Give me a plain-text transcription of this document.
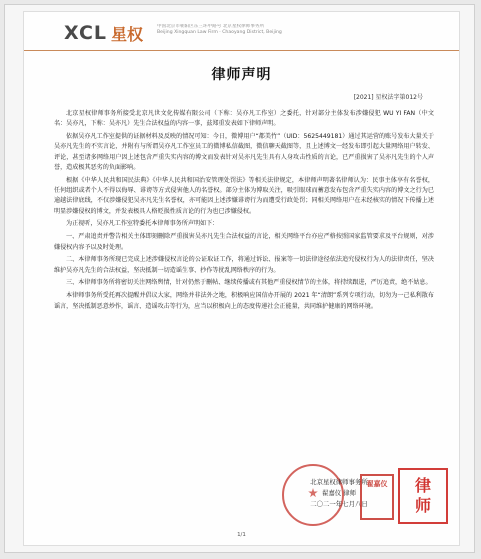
XCL 星权	中国北京市朝阳区东三环中路号 北京星权律师事务所
Beijing Xingquan Law Firm · Chaoyang District, Beijing
律师声明
[2021] 星权法字第012号

北京星权律师事务所接受北京凡世文化传媒有限公司（下称：吴亦凡工作室）之委托，针对部分主体发布涉嫌侵犯 WU YI FAN（中文名：吴亦凡，下称：吴亦凡）先生合法权益的内容一事，兹郑重发表如下律师声明。

依据吴亦凡工作室提供的证据材料及反映的情况可知：今日，微博用户“都美竹”（UID：5625449181）通过其运营的账号发布大量关于吴亦凡先生的不实言论，并附有与所谓吴亦凡工作室员工的微博私信截图，微信聊天截图等，且上述博文一经发布即引起大量网络用户转发、评论，甚至诸多网络用户因上述包含严重失实内容的博文而发表针对吴亦凡先生具有人身攻击性质的言论，已严重损害了吴亦凡先生的个人声誉，造成极其恶劣的负面影响。

根据《中华人民共和国民法典》《中华人民共和国治安管理处罚法》等相关法律规定，本律师声明著名律师认为：民事主体享有名誉权，任何组织或者个人不得以侮辱、诽谤等方式侵害他人的名誉权。部分主体为博取关注，吸引眼球而蓄意发布包含严重失实内容的博文之行为已逾越法律底线，不仅涉嫌侵犯吴亦凡先生名誉权，亦可能因上述涉嫌诽谤行为而遭受行政处罚；同相关网络用户在未经核实的情况下传播上述明显涉嫌侵权的博文，并发表极具人格贬损性质言论的行为也已涉嫌侵权。

为正视听，吴亦凡工作室特委托本律师事务所声明如下：

一、严肃追责并警告相关主体即刻删除严重损害吴亦凡先生合法权益的言论，相关网络平台亦应严格按照国家监管要求及平台规则，对涉嫌侵权内容予以及时处理。

二、本律师事务所现已完成上述涉嫌侵权言论的公证取证工作，将通过诉讼、报案等一切法律途径依法追究侵权行为人的法律责任，坚决维护吴亦凡先生的合法权益，坚决抵制一切造谣生事、抄作等扰乱网络秩序的行为。

三、本律师事务所将密切关注网络舆情，针对仍然于删帖、继续传播或有其他严重侵权情节的主体，将持续跟进，严厉追责，绝不姑息。

本律师事务所受托再次提醒并倡议大家，网络并非法外之地，积极响应国信办开展的 2021 年“清朗”系列专项行动，切勿为一己私利散布谣言，坚决抵制恶意炒作，谣言、造谣攻击等行为，应当以积极向上的态度传递社会正能量，共同维护健康的网络环境。

北京星权律师事务所
翟嘉仪 律师
二〇二一年七月八日
翟嘉仪	律
师
1/1
